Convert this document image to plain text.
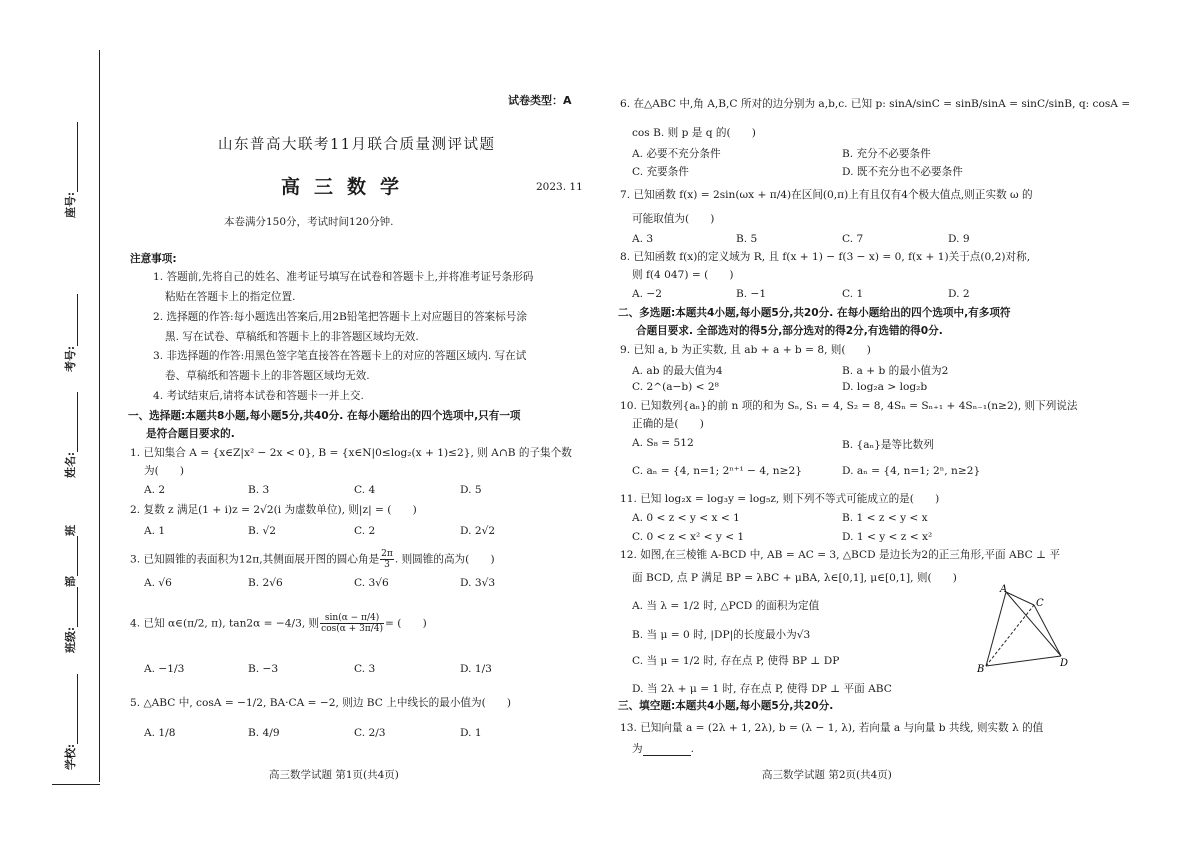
座号:
考号:
姓名:
班级:部班
学校:
试卷类型：A
山东普高大联考11月联合质量测评试题
高三数学	2023. 11
本卷满分150分，考试时间120分钟.
注意事项:
1. 答题前,先将自己的姓名、准考证号填写在试卷和答题卡上,并将准考证号条形码
粘贴在答题卡上的指定位置.
2. 选择题的作答:每小题选出答案后,用2B铅笔把答题卡上对应题目的答案标号涂
黑. 写在试卷、草稿纸和答题卡上的非答题区域均无效.
3. 非选择题的作答:用黑色签字笔直接答在答题卡上的对应的答题区域内. 写在试
卷、草稿纸和答题卡上的非答题区域均无效.
4. 考试结束后,请将本试卷和答题卡一并上交.
一、选择题:本题共8小题,每小题5分,共40分. 在每小题给出的四个选项中,只有一项
是符合题目要求的.
1. 已知集合 A = {x∈Z|x² − 2x < 0}, B = {x∈N|0≤log₂(x + 1)≤2}, 则 A∩B 的子集个数
为(　　)
A. 2	B. 3	C. 4	D. 5
2. 复数 z 满足(1 + i)z = 2√2(i 为虚数单位), 则|z| = (　　)
A. 1	B. √2	C. 2	D. 2√2
3. 已知圆锥的表面积为12π,其侧面展开图的圆心角是 $\frac{2\pi}{3}$ . 则圆锥的高为(　　)
A. √6	B. 2√6	C. 3√6	D. 3√3
4. 已知 α∈(π/2, π), tan2α = −4/3, 则 $\frac{\sin(\alpha - \pi/4)}{\cos(\alpha + 3\pi/4)}$ = (　　)
A. −1/3	B. −3	C. 3	D. 1/3
5. △ABC 中, cosA = −1/2, BA·CA = −2, 则边 BC 上中线长的最小值为(　　)
A. 1/8	B. 4/9	C. 2/3	D. 1
高三数学试题 第1页(共4页)
6. 在△ABC 中,角 A,B,C 所对的边分别为 a,b,c. 已知 p: sinA/sinC = sinB/sinA = sinC/sinB, q: cosA =
cos B. 则 p 是 q 的(　　)
A. 必要不充分条件	B. 充分不必要条件
C. 充要条件	D. 既不充分也不必要条件
7. 已知函数 f(x) = 2sin(ωx + π/4)在区间(0,π)上有且仅有4个极大值点,则正实数 ω 的
可能取值为(　　)
A. 3	B. 5	C. 7	D. 9
8. 已知函数 f(x)的定义域为 R, 且 f(x + 1) − f(3 − x) = 0, f(x + 1)关于点(0,2)对称,
则 f(4 047) = (　　)
A. −2	B. −1	C. 1	D. 2
二、多选题:本题共4小题,每小题5分,共20分. 在每小题给出的四个选项中,有多项符
合题目要求. 全部选对的得5分,部分选对的得2分,有选错的得0分.
9. 已知 a, b 为正实数, 且 ab + a + b = 8, 则(　　)
A. ab 的最大值为4	B. a + b 的最小值为2
C. 2^(a−b) < 2⁸	D. log₂a > log₂b
10. 已知数列{aₙ}的前 n 项的和为 Sₙ, S₁ = 4, S₂ = 8, 4Sₙ = Sₙ₊₁ + 4Sₙ₋₁(n≥2), 则下列说法
正确的是(　　)
A. S₈ = 512	B. {aₙ}是等比数列
C. aₙ = {4, n=1; 2ⁿ⁺¹ − 4, n≥2}	D. aₙ = {4, n=1; 2ⁿ, n≥2}
11. 已知 log₂x = log₃y = log₅z, 则下列不等式可能成立的是(　　)
A. 0 < z < y < x < 1	B. 1 < z < y < x
C. 0 < z < x² < y < 1	D. 1 < y < z < x²
12. 如图,在三棱锥 A-BCD 中, AB = AC = 3, △BCD 是边长为2的正三角形,平面 ABC ⊥ 平
面 BCD, 点 P 满足 BP = λBC + μBA, λ∈[0,1], μ∈[0,1], 则(　　)
A. 当 λ = 1/2 时, △PCD 的面积为定值
B. 当 μ = 0 时, |DP|的长度最小为√3
C. 当 μ = 1/2 时, 存在点 P, 使得 BP ⊥ DP
D. 当 2λ + μ = 1 时, 存在点 P, 使得 DP ⊥ 平面 ABC
A
B
C
D
三、填空题:本题共4小题,每小题5分,共20分.
13. 已知向量 a = (2λ + 1, 2λ), b = (λ − 1, λ), 若向量 a 与向量 b 共线, 则实数 λ 的值
为	.
高三数学试题 第2页(共4页)
